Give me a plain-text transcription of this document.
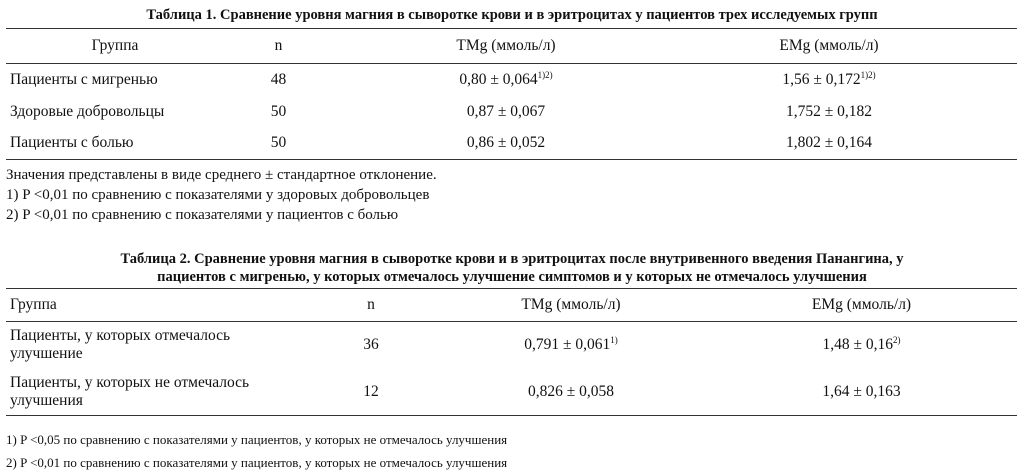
Таблица 1. Сравнение уровня магния в сыворотке крови и в эритроцитах у пациентов трех исследуемых групп

Группа	n	TMg (ммоль/л)	EMg (ммоль/л)
Пациенты с мигренью	48	$0,80 \pm 0,064^{1)2)}$	$1,56 \pm 0,172^{1)2)}$
Здоровые добровольцы	50	0,87 ± 0,067	1,752 ± 0,182
Пациенты с болью	50	0,86 ± 0,052	1,802 ± 0,164
Значения представлены в виде среднего ± стандартное отклонение.
1) P <0,01 по сравнению с показателями у здоровых добровольцев
2) P <0,01 по сравнению с показателями у пациентов с болью
Таблица 2. Сравнение уровня магния в сыворотке крови и в эритроцитах после внутривенного введения Панангина, у
пациентов с мигренью, у которых отмечалось улучшение симптомов и у которых не отмечалось улучшения
Группа	n	TMg (ммоль/л)	EMg (ммоль/л)

Пациенты, у которых отмечалось
улучшение	36	$0,791 \pm 0,061^{1)}$	$1,48 \pm 0,16^{2)}$

Пациенты, у которых не отмечалось
улучшения	12	0,826 ± 0,058	1,64 ± 0,163
1) P <0,05 по сравнению с показателями у пациентов, у которых не отмечалось улучшения
2) P <0,01 по сравнению с показателями у пациентов, у которых не отмечалось улучшения
